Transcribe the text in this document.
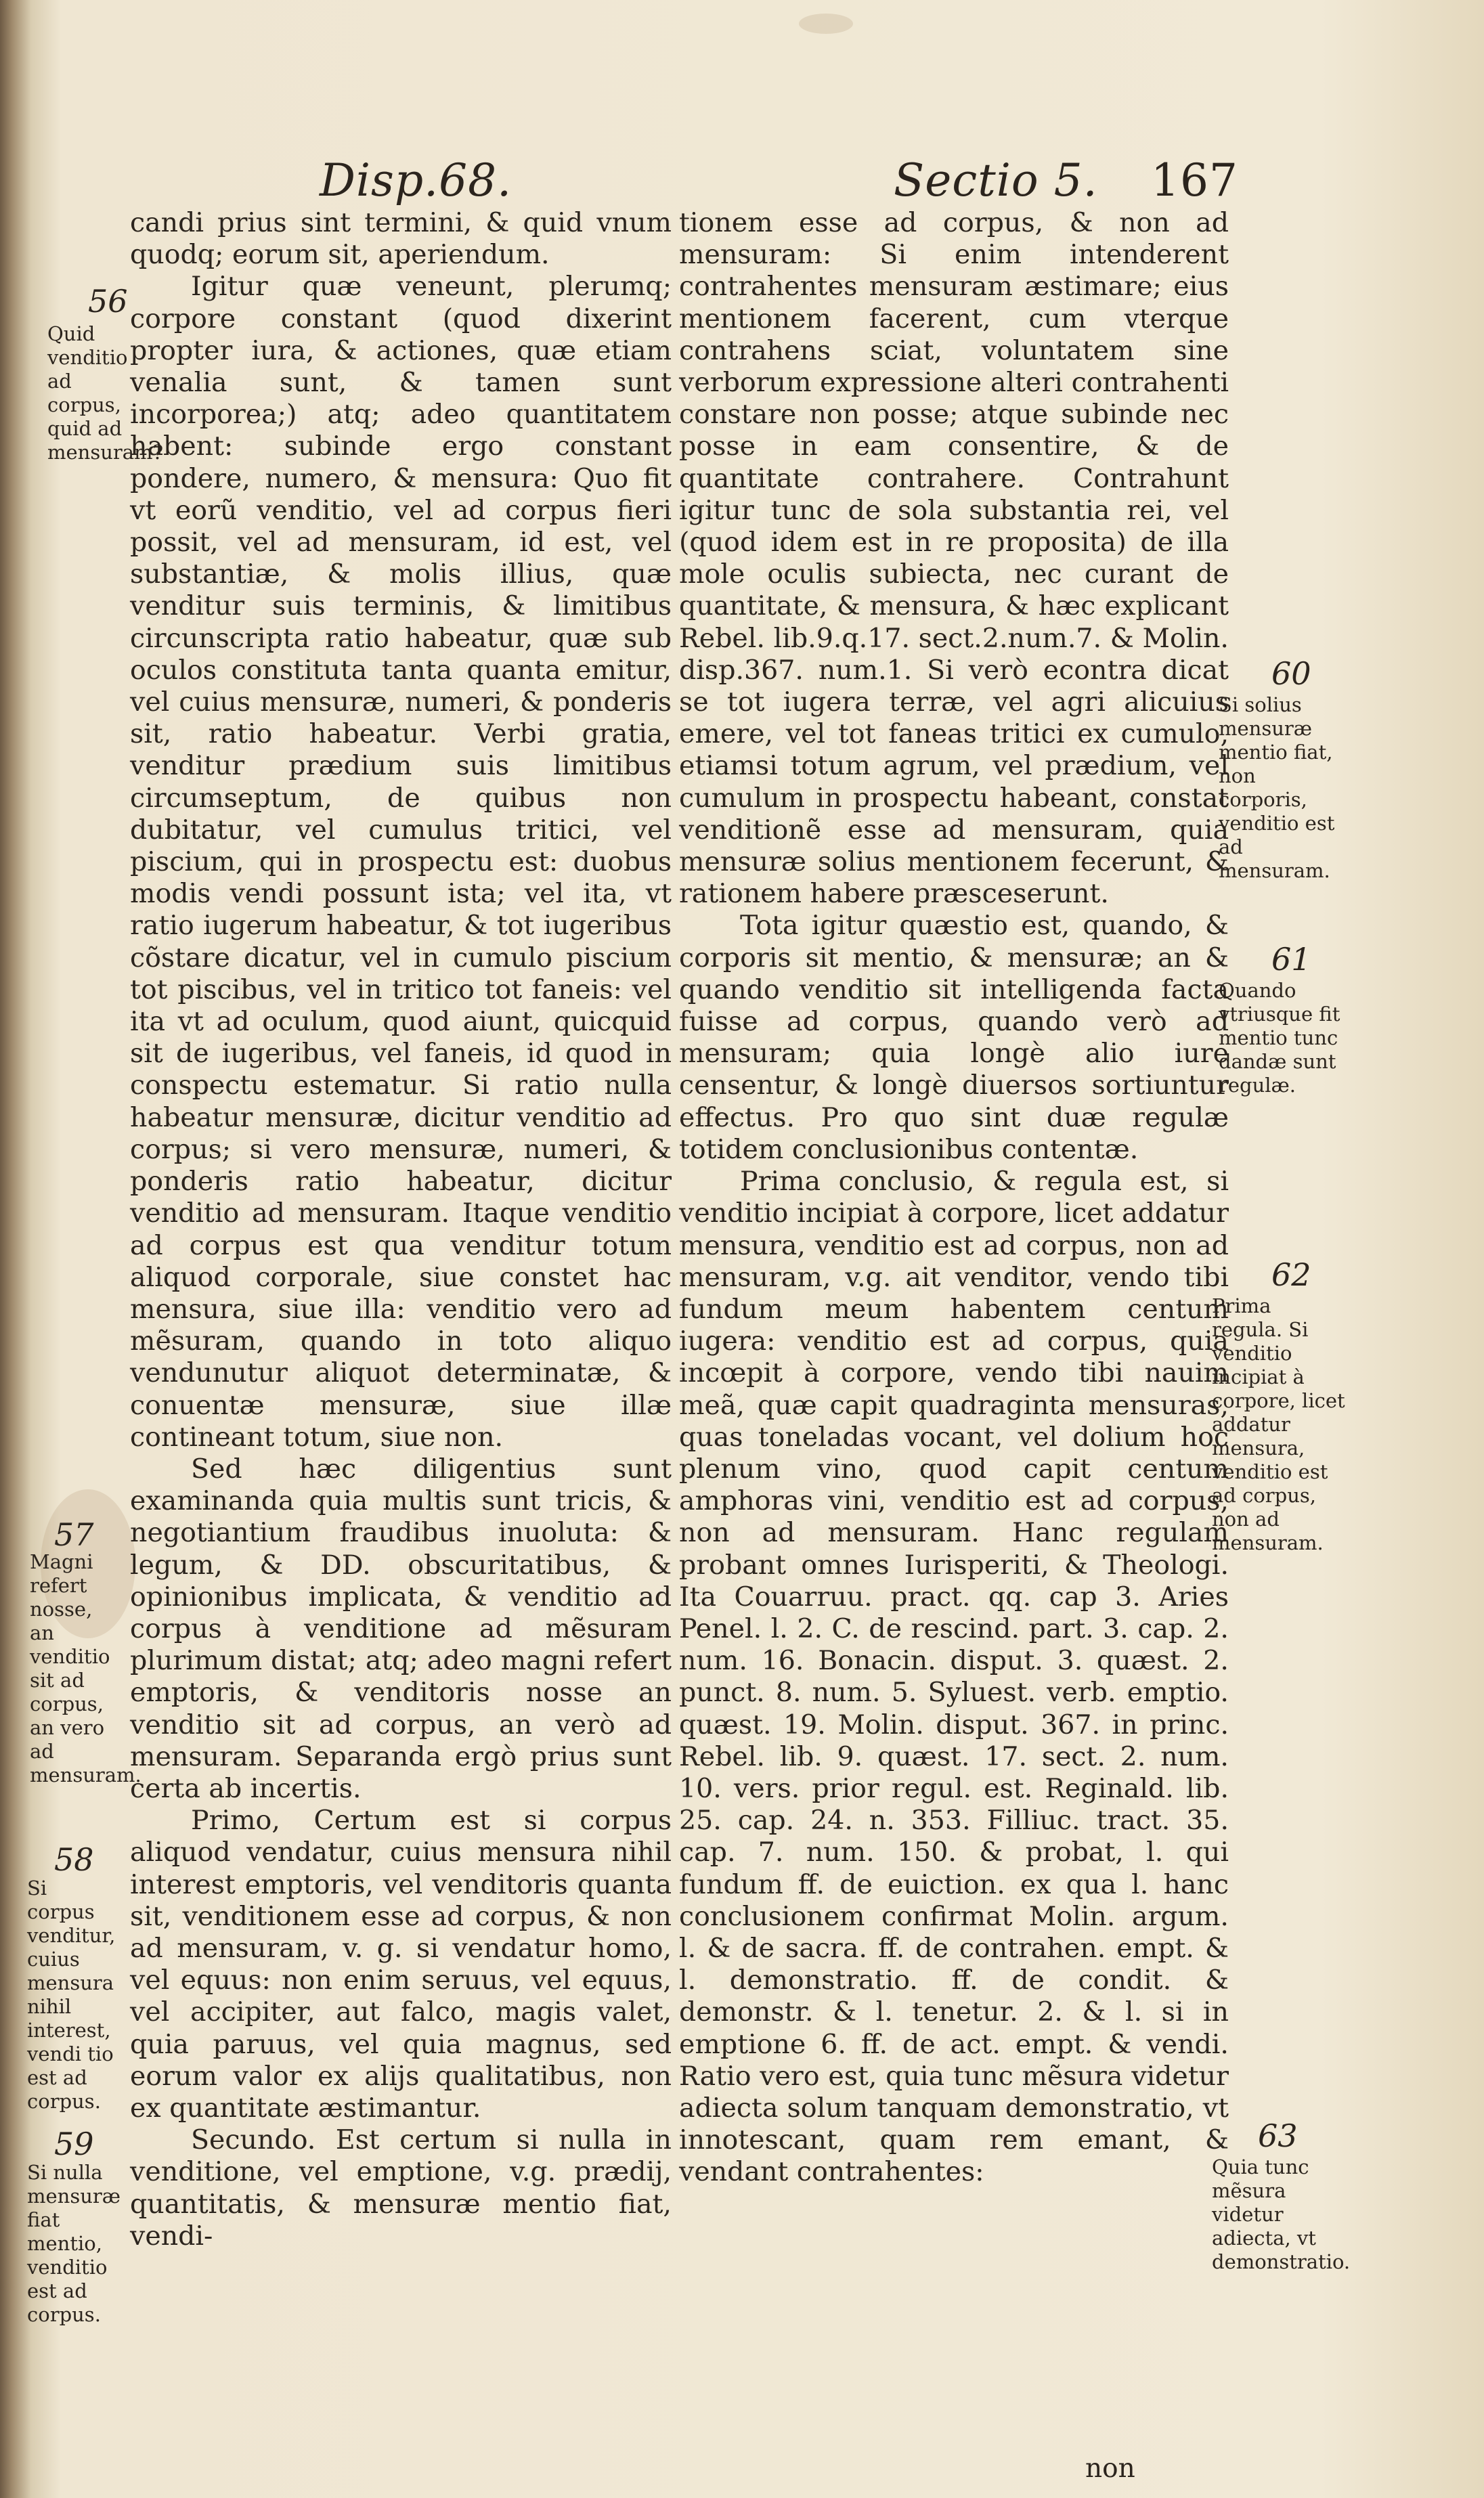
Disp.68.	Sectio 5. 167

candi prius sint termini, & quid vnum quodq; eorum sit, aperiendum.

Igitur quæ veneunt, plerumq; corpore constant (quod dixerint propter iura, & actiones, quæ etiam venalia sunt, & tamen sunt incorporea;) atq; adeo quantitatem habent: subinde ergo constant pondere, numero, & mensura: Quo fit vt eorũ venditio, vel ad corpus fieri possit, vel ad mensuram, id est, vel substantiæ, & molis illius, quæ venditur suis terminis, & limitibus circunscripta ratio habeatur, quæ sub oculos constituta tanta quanta emitur, vel cuius mensuræ, numeri, & ponderis sit, ratio habeatur. Verbi gratia, venditur prædium suis limitibus circumseptum, de quibus non dubitatur, vel cumulus tritici, vel piscium, qui in prospectu est: duobus modis vendi possunt ista; vel ita, vt ratio iugerum habeatur, & tot iugeribus cõstare dicatur, vel in cumulo piscium tot piscibus, vel in tritico tot faneis: vel ita vt ad oculum, quod aiunt, quicquid sit de iugeribus, vel faneis, id quod in conspectu estematur. Si ratio nulla habeatur mensuræ, dicitur venditio ad corpus; si vero mensuræ, numeri, & ponderis ratio habeatur, dicitur venditio ad mensuram. Itaque venditio ad corpus est qua venditur totum aliquod corporale, siue constet hac mensura, siue illa: venditio vero ad mẽsuram, quando in toto aliquo vendunutur aliquot determinatæ, & conuentæ mensuræ, siue illæ contineant totum, siue non.

Sed hæc diligentius sunt examinanda quia multis sunt tricis, & negotiantium fraudibus inuoluta: & legum, & DD. obscuritatibus, & opinionibus implicata, & venditio ad corpus à venditione ad mẽsuram plurimum distat; atq; adeo magni refert emptoris, & venditoris nosse an venditio sit ad corpus, an verò ad mensuram. Separanda ergò prius sunt certa ab incertis.

Primo, Certum est si corpus aliquod vendatur, cuius mensura nihil interest emptoris, vel venditoris quanta sit, venditionem esse ad corpus, & non ad mensuram, v. g. si vendatur homo, vel equus: non enim seruus, vel equus, vel accipiter, aut falco, magis valet, quia paruus, vel quia magnus, sed eorum valor ex alijs qualitatibus, non ex quantitate æstimantur.

Secundo. Est certum si nulla in venditione, vel emptione, v.g. prædij, quantitatis, & mensuræ mentio fiat, vendi-

tionem esse ad corpus, & non ad mensuram: Si enim intenderent contrahentes mensuram æstimare; eius mentionem facerent, cum vterque contrahens sciat, voluntatem sine verborum expressione alteri contrahenti constare non posse; atque subinde nec posse in eam consentire, & de quantitate contrahere. Contrahunt igitur tunc de sola substantia rei, vel (quod idem est in re proposita) de illa mole oculis subiecta, nec curant de quantitate, & mensura, & hæc explicant Rebel. lib.9.q.17. sect.2.num.7. & Molin. disp.367. num.1. Si verò econtra dicat se tot iugera terræ, vel agri alicuius emere, vel tot faneas tritici ex cumulo, etiamsi totum agrum, vel prædium, vel cumulum in prospectu habeant, constat venditionẽ esse ad mensuram, quia mensuræ solius mentionem fecerunt, & rationem habere præsceserunt.

Tota igitur quæstio est, quando, & corporis sit mentio, & mensuræ; an & quando venditio sit intelligenda facta fuisse ad corpus, quando verò ad mensuram; quia longè alio iure censentur, & longè diuersos sortiuntur effectus. Pro quo sint duæ regulæ totidem conclusionibus contentæ.

Prima conclusio, & regula est, si venditio incipiat à corpore, licet addatur mensura, venditio est ad corpus, non ad mensuram, v.g. ait venditor, vendo tibi fundum meum habentem centum iugera: venditio est ad corpus, quia incœpit à corpore, vendo tibi nauim meã, quæ capit quadraginta mensuras, quas toneladas vocant, vel dolium hoc plenum vino, quod capit centum amphoras vini, venditio est ad corpus, non ad mensuram. Hanc regulam probant omnes Iurisperiti, & Theologi. Ita Couarruu. pract. qq. cap 3. Aries Penel. l. 2. C. de rescind. part. 3. cap. 2. num. 16. Bonacin. disput. 3. quæst. 2. punct. 8. num. 5. Syluest. verb. emptio. quæst. 19. Molin. disput. 367. in princ. Rebel. lib. 9. quæst. 17. sect. 2. num. 10. vers. prior regul. est. Reginald. lib. 25. cap. 24. n. 353. Filliuc. tract. 35. cap. 7. num. 150. & probat, l. qui fundum ff. de euiction. ex qua l. hanc conclusionem confirmat Molin. argum. l. & de sacra. ff. de contrahen. empt. & l. demonstratio. ff. de condit. & demonstr. & l. tenetur. 2. & l. si in emptione 6. ff. de act. empt. & vendi. Ratio vero est, quia tunc mẽsura videtur adiecta solum tanquam demonstratio, vt innotescant, quam rem emant, & vendant contrahentes:

non
56
Quid venditio ad corpus, quid ad mensuram?
57
Magni refert nosse, an venditio sit ad corpus, an vero ad mensuram.
58
Si corpus venditur, cuius mensura nihil interest, vendi tio est ad corpus.
59
Si nulla mensuræ fiat mentio, venditio est ad corpus.
60
Si solius mensuræ mentio fiat, non corporis, venditio est ad mensuram.
61
Quando vtriusque fit mentio tunc dandæ sunt regulæ.
62
Prima regula. Si venditio incipiat à corpore, licet addatur mensura, venditio est ad corpus, non ad mensuram.
63
Quia tunc mẽsura videtur adiecta, vt demonstratio.
